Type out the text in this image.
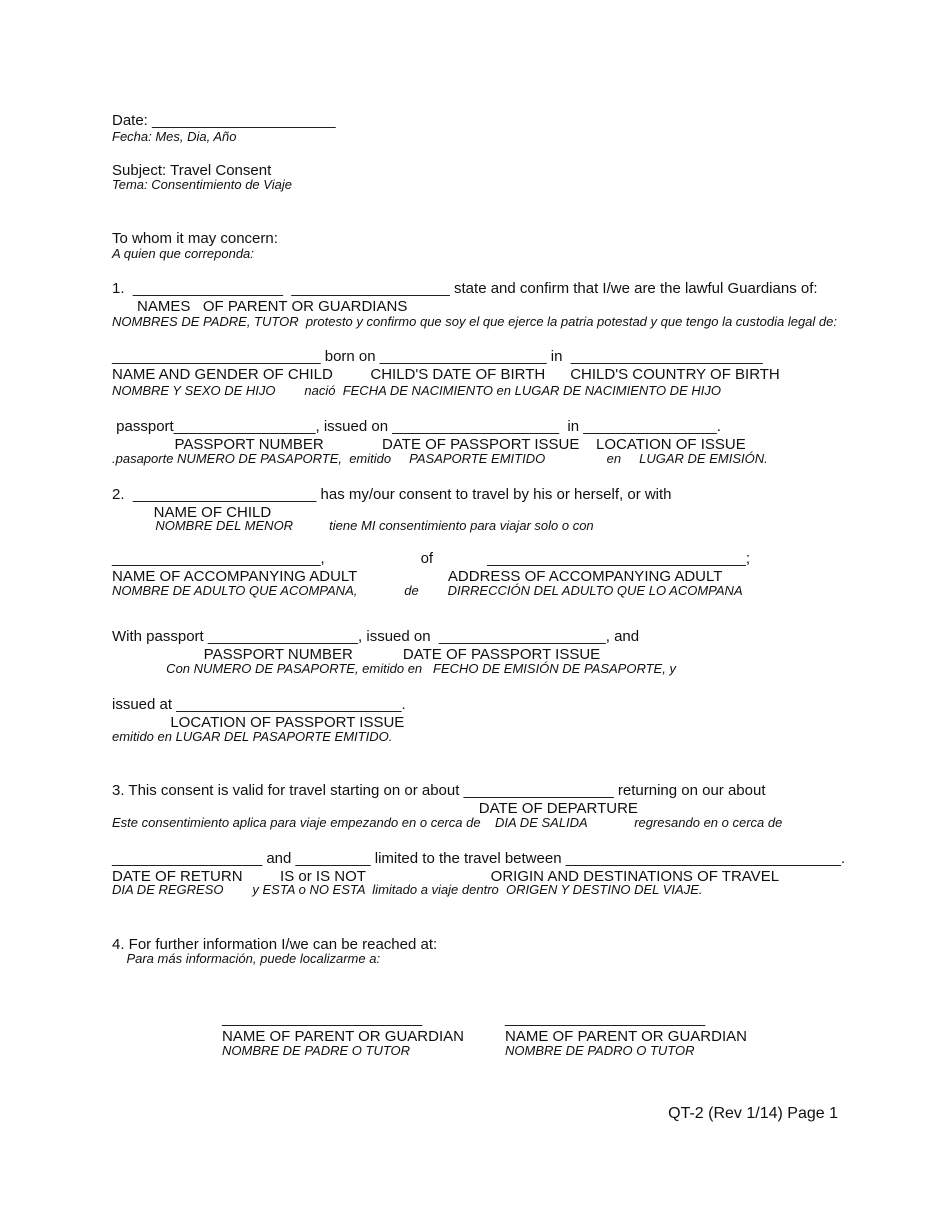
Date: ______________________
Fecha: Mes, Dia, Año
Subject: Travel Consent
Tema: Consentimiento de Viaje
To whom it may concern:
A quien que correponda:
1.  __________________  ___________________ state and confirm that I/we are the lawful Guardians of:
NAMES   OF PARENT OR GUARDIANS
NOMBRES DE PADRE, TUTOR  protesto y confirmo que soy el que ejerce la patria potestad y que tengo la custodia legal de:
_________________________ born on ____________________ in  _______________________
NAME AND GENDER OF CHILD         CHILD'S DATE OF BIRTH      CHILD'S COUNTRY OF BIRTH
NOMBRE Y SEXO DE HIJO        nació  FECHA DE NACIMIENTO en LUGAR DE NACIMIENTO DE HIJO
passport_________________, issued on ____________________  in ________________.
PASSPORT NUMBER              DATE OF PASSPORT ISSUE    LOCATION OF ISSUE
.pasaporte NUMERO DE PASAPORTE,  emitido     PASAPORTE EMITIDO                 en     LUGAR DE EMISIÓN.
2.  ______________________ has my/our consent to travel by his or herself, or with
NAME OF CHILD
NOMBRE DEL MENOR          tiene MI consentimiento para viajar solo o con
_________________________,                       of             _______________________________;
NAME OF ACCOMPANYING ADULT                      ADDRESS OF ACCOMPANYING ADULT
NOMBRE DE ADULTO QUE ACOMPANA,             de        DIRRECCIÓN DEL ADULTO QUE LO ACOMPANA
With passport __________________, issued on  ____________________, and
PASSPORT NUMBER            DATE OF PASSPORT ISSUE
Con NUMERO DE PASAPORTE, emitido en   FECHO DE EMISIÓN DE PASAPORTE, y
issued at ___________________________.
LOCATION OF PASSPORT ISSUE
emitido en LUGAR DEL PASAPORTE EMITIDO.
3. This consent is valid for travel starting on or about __________________ returning on our about
DATE OF DEPARTURE
Este consentimiento aplica para viaje empezando en o cerca de    DIA DE SALIDA             regresando en o cerca de
__________________ and _________ limited to the travel between _________________________________.
DATE OF RETURN         IS or IS NOT                              ORIGIN AND DESTINATIONS OF TRAVEL
DIA DE REGRESO        y ESTA o NO ESTA  limitado a viaje dentro  ORIGEN Y DESTINO DEL VIAJE.
4. For further information I/we can be reached at:
Para más información, puede localizarme a:
________________________
NAME OF PARENT OR GUARDIAN
NOMBRE DE PADRE O TUTOR
________________________
NAME OF PARENT OR GUARDIAN
NOMBRE DE PADRO O TUTOR
QT-2 (Rev 1/14) Page 1
